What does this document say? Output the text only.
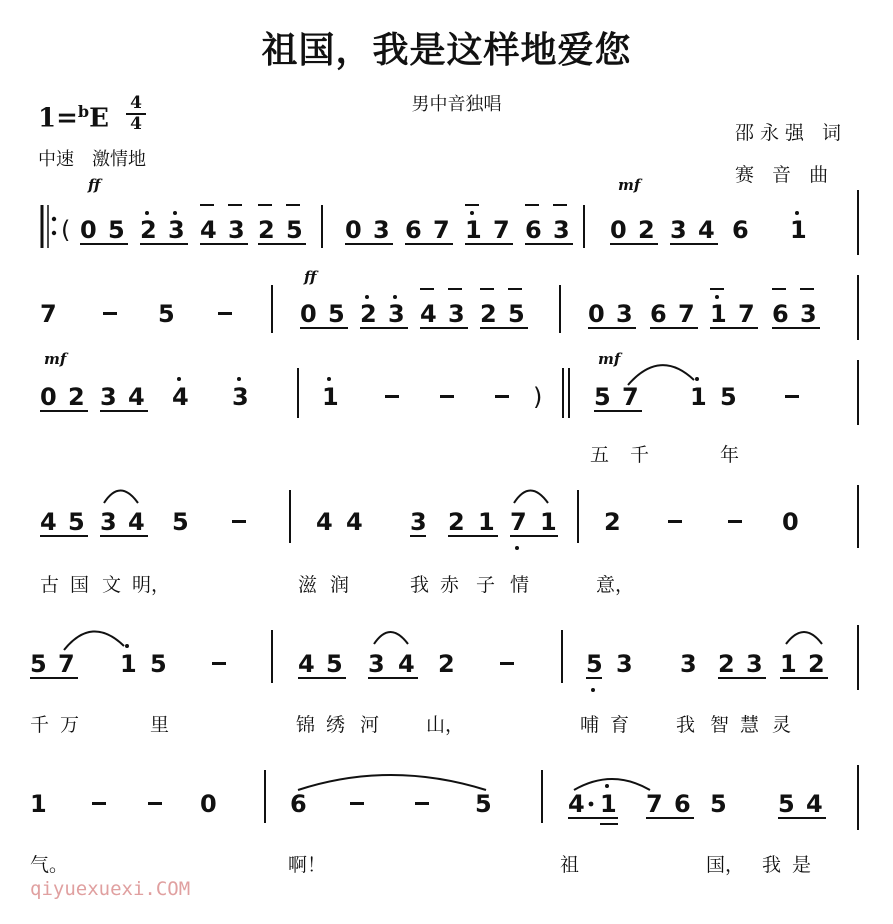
祖国，我是这样地爱您
男中音独唱
1=$^b$E
4
4
中速　激情地
邵永强 词
赛 音 曲
( 0 5 2 3 4 3 2 5 0 3 6 7 1 7 6 3 0 2 3 4 6 1
7	5	0 5 2 3 4 3 2 5	0 3 6 7 1 7 6 3
0 2 3 4 4 3	1	) 5 7 1 5
4 5 3 4 5	4 4 3 2 1 7 1 2	0
5 7 1 5	4 5 3 4 2	5 3 3 2 3 1 2
1	0	6	5	4 1 7 6 5 5 4
ff	mf
ff
mf	mf
五 千	年
古 国 文 明，	滋 润	我 赤 子 情	意，
千 万	里	锦 绣 河 山，	哺 育 我 智 慧 灵
气。	啊！	祖	国， 我 是
qiyuexuexi.COM
